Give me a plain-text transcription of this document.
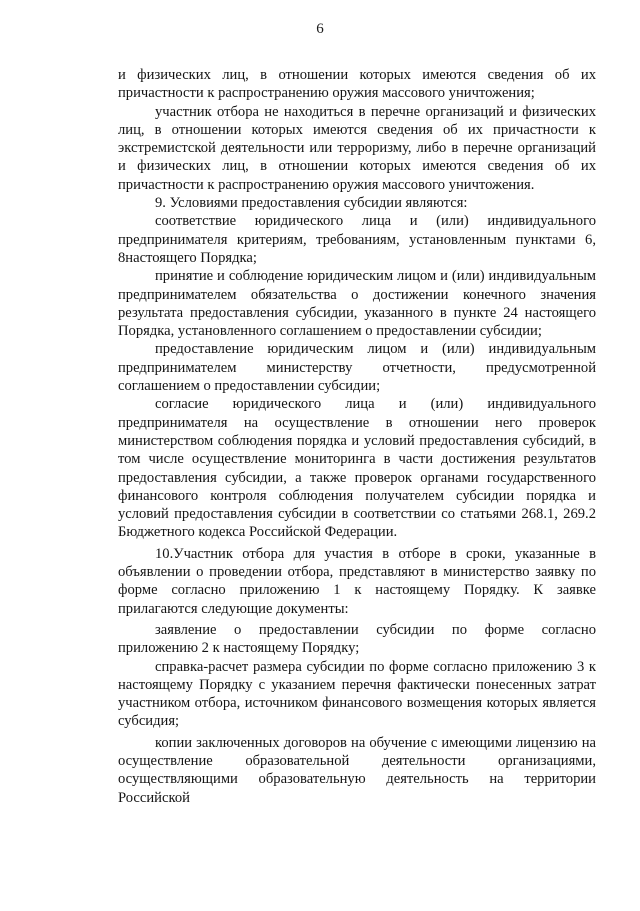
6

и физических лиц, в отношении которых имеются сведения об их причастности к распространению оружия массового уничтожения;

участник отбора не находиться в перечне организаций и физических лиц, в отношении которых имеются сведения об их причастности к экстремистской деятельности или терроризму, либо в перечне организаций и физических лиц, в отношении которых имеются сведения об их причастности к распространению оружия массового уничтожения.

9. Условиями предоставления субсидии являются:

соответствие юридического лица и (или) индивидуального предпринимателя критериям, требованиям, установленным пунктами 6, 8настоящего Порядка;

принятие и соблюдение юридическим лицом и (или) индивидуальным предпринимателем обязательства о достижении конечного значения результата предоставления субсидии, указанного в пункте 24 настоящего Порядка, установленного соглашением о предоставлении субсидии;

предоставление юридическим лицом и (или) индивидуальным предпринимателем министерству отчетности, предусмотренной соглашением о предоставлении субсидии;

согласие юридического лица и (или) индивидуального предпринимателя на осуществление в отношении него проверок министерством соблюдения порядка и условий предоставления субсидий, в том числе осуществление мониторинга в части достижения результатов предоставления субсидии, а также проверок органами государственного финансового контроля соблюдения получателем субсидии порядка и условий предоставления субсидии в соответствии со статьями 268.1, 269.2 Бюджетного кодекса Российской Федерации.

10.Участник отбора для участия в отборе в сроки, указанные в объявлении о проведении отбора, представляют в министерство заявку по форме согласно приложению 1 к настоящему Порядку. К заявке прилагаются следующие документы:

заявление о предоставлении субсидии по форме согласно приложению 2 к настоящему Порядку;

справка-расчет размера субсидии по форме согласно приложению 3 к настоящему Порядку с указанием перечня фактически понесенных затрат участником отбора, источником финансового возмещения которых является субсидия;

копии заключенных договоров на обучение с имеющими лицензию на осуществление образовательной деятельности организациями, осуществляющими образовательную деятельность на территории Российской
